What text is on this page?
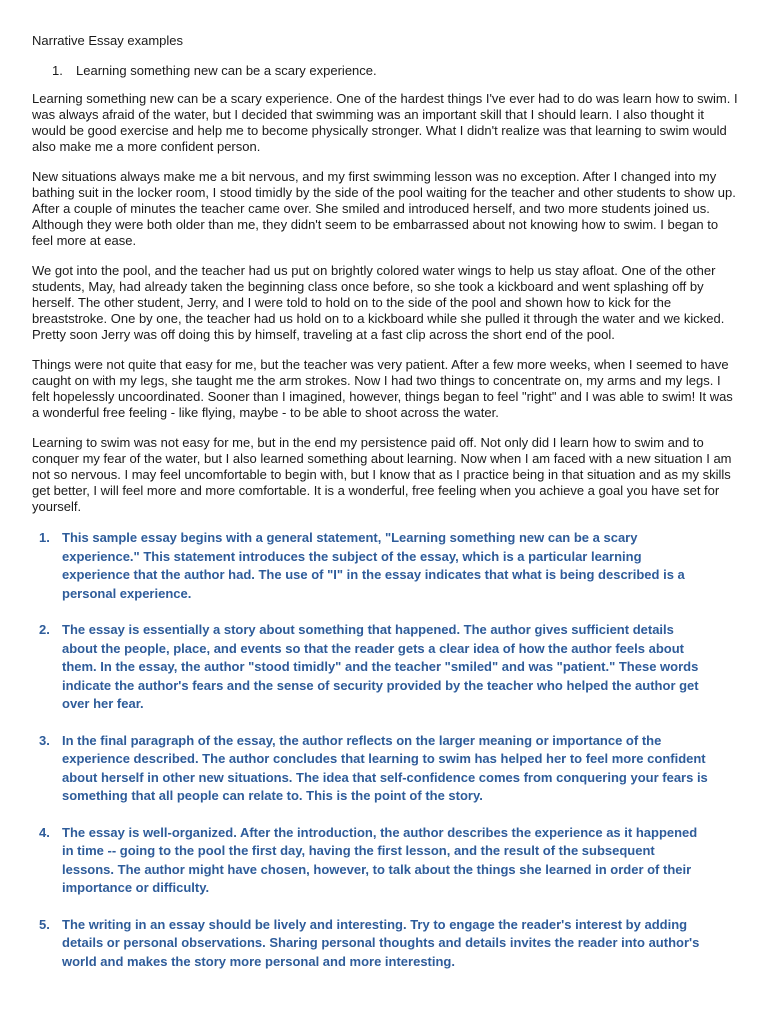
Narrative Essay examples
1.	Learning something new can be a scary experience.

Learning something new can be a scary experience. One of the hardest things I've ever had to do was learn how to swim. I was always afraid of the water, but I decided that swimming was an important skill that I should learn. I also thought it would be good exercise and help me to become physically stronger. What I didn't realize was that learning to swim would also make me a more confident person.

New situations always make me a bit nervous, and my first swimming lesson was no exception. After I changed into my bathing suit in the locker room, I stood timidly by the side of the pool waiting for the teacher and other students to show up. After a couple of minutes the teacher came over. She smiled and introduced herself, and two more students joined us. Although they were both older than me, they didn't seem to be embarrassed about not knowing how to swim. I began to feel more at ease.

We got into the pool, and the teacher had us put on brightly colored water wings to help us stay afloat. One of the other students, May, had already taken the beginning class once before, so she took a kickboard and went splashing off by herself. The other student, Jerry, and I were told to hold on to the side of the pool and shown how to kick for the breaststroke. One by one, the teacher had us hold on to a kickboard while she pulled it through the water and we kicked. Pretty soon Jerry was off doing this by himself, traveling at a fast clip across the short end of the pool.

Things were not quite that easy for me, but the teacher was very patient. After a few more weeks, when I seemed to have caught on with my legs, she taught me the arm strokes. Now I had two things to concentrate on, my arms and my legs. I felt hopelessly uncoordinated. Sooner than I imagined, however, things began to feel "right" and I was able to swim! It was a wonderful free feeling - like flying, maybe - to be able to shoot across the water.

Learning to swim was not easy for me, but in the end my persistence paid off. Not only did I learn how to swim and to conquer my fear of the water, but I also learned something about learning. Now when I am faced with a new situation I am not so nervous. I may feel uncomfortable to begin with, but I know that as I practice being in that situation and as my skills get better, I will feel more and more comfortable. It is a wonderful, free feeling when you achieve a goal you have set for yourself.

1. This sample essay begins with a general statement, "Learning something new can be a scary experience." This statement introduces the subject of the essay, which is a particular learning experience that the author had. The use of "I" in the essay indicates that what is being described is a personal experience.
2. The essay is essentially a story about something that happened. The author gives sufficient details about the people, place, and events so that the reader gets a clear idea of how the author feels about them. In the essay, the author "stood timidly" and the teacher "smiled" and was "patient." These words indicate the author's fears and the sense of security provided by the teacher who helped the author get over her fear.
3. In the final paragraph of the essay, the author reflects on the larger meaning or importance of the experience described. The author concludes that learning to swim has helped her to feel more confident about herself in other new situations. The idea that self-confidence comes from conquering your fears is something that all people can relate to. This is the point of the story.
4. The essay is well-organized. After the introduction, the author describes the experience as it happened in time -- going to the pool the first day, having the first lesson, and the result of the subsequent lessons. The author might have chosen, however, to talk about the things she learned in order of their importance or difficulty.
5. The writing in an essay should be lively and interesting. Try to engage the reader's interest by adding details or personal observations. Sharing personal thoughts and details invites the reader into author's world and makes the story more personal and more interesting.
